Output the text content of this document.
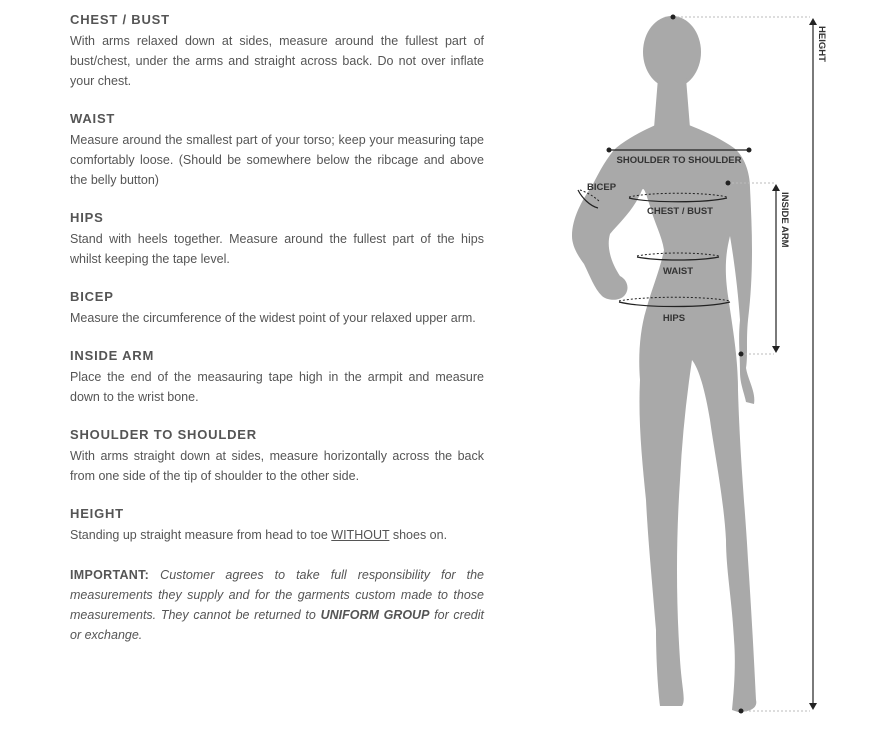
CHEST / BUST

With arms relaxed down at sides, measure around the fullest part of bust/chest, under the arms and straight across back. Do not over inflate your chest.

WAIST

Measure around the smallest part of your torso; keep your measuring tape comfortably loose. (Should be somewhere below the ribcage and above the belly button)

HIPS

Stand with heels together. Measure around the fullest part of the hips whilst keeping the tape level.

BICEP

Measure the circumference of the widest point of your relaxed upper arm.

INSIDE ARM

Place the end of the measauring tape high in the armpit and measure down to the wrist bone.

SHOULDER TO SHOULDER

With arms straight down at sides, measure horizontally across the back from one side of the tip of shoulder to the other side.

HEIGHT

Standing up straight measure from head to toe WITHOUT shoes on.

IMPORTANT: Customer agrees to take full responsibility for the measurements they supply and for the garments custom made to those measurements. They cannot be returned to UNIFORM GROUP for credit or exchange.

HEIGHT
SHOULDER TO SHOULDER
BICEP
CHEST / BUST
WAIST
HIPS
INSIDE ARM
